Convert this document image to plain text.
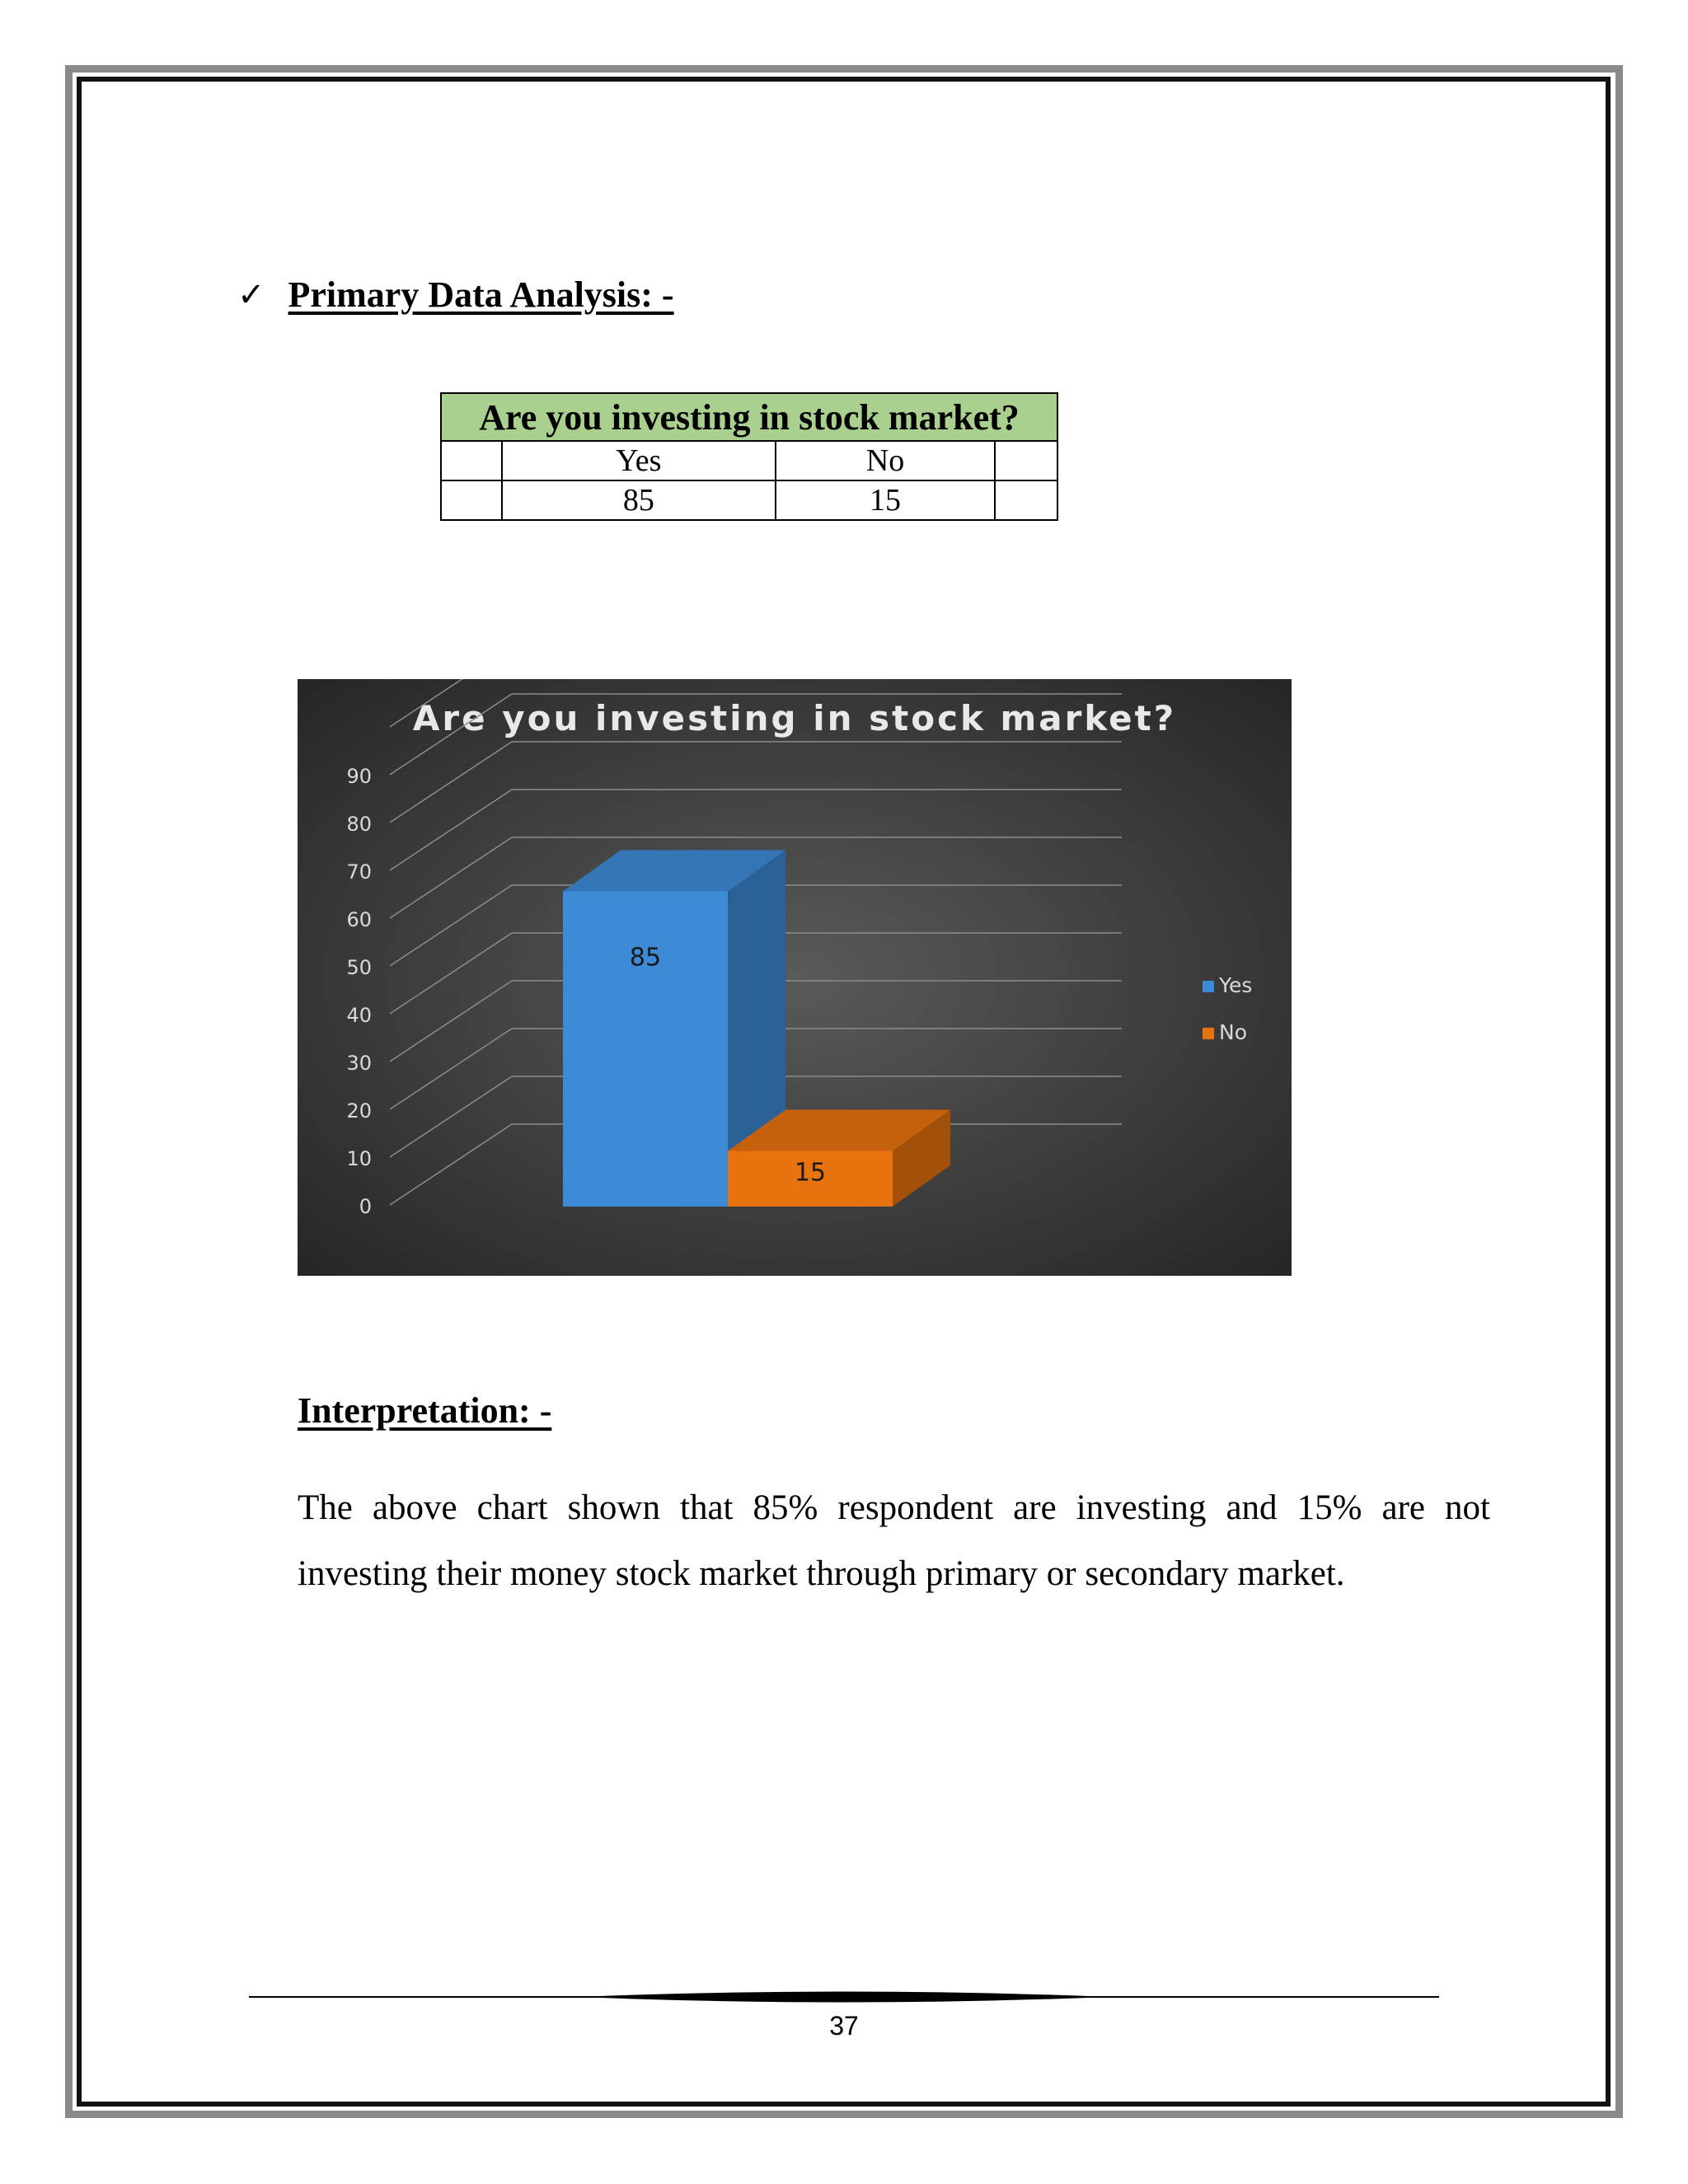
✓ Primary Data Analysis: -
Are you investing in stock market?			
	Yes	No	
	85	15	
Are you investing in stock market?
0
10
20
30
40
50
60
70
80
90
85
15
Yes
No
Interpretation: -
The above chart shown that 85% respondent are investing and 15% are not investing their money stock market through primary or secondary market.
37
